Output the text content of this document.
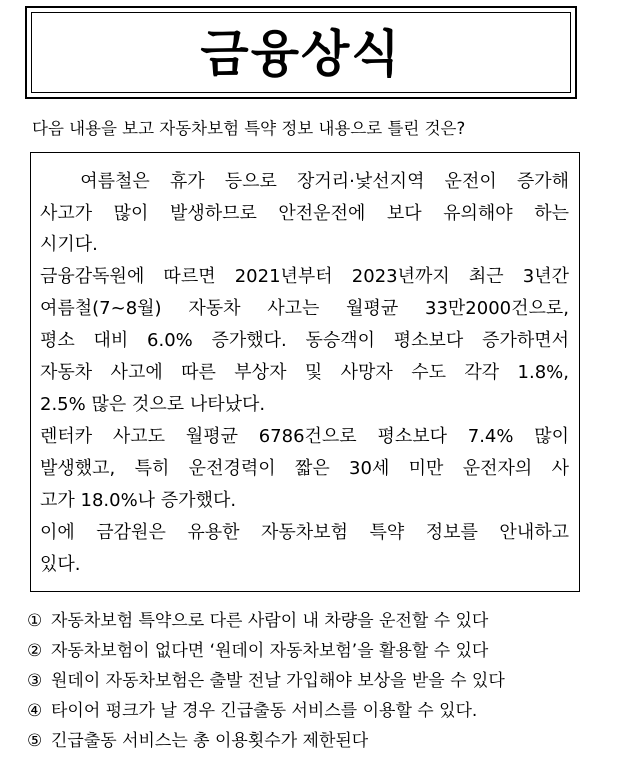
금융상식
다음 내용을 보고 자동차보험 특약 정보 내용으로 틀린 것은?
여름철은 휴가 등으로 장거리·낯선지역 운전이 증가해
사고가 많이 발생하므로 안전운전에 보다 유의해야 하는
시기다.
금융감독원에 따르면 2021년부터 2023년까지 최근 3년간
여름철(7~8월) 자동차 사고는 월평균 33만2000건으로,
평소 대비 6.0% 증가했다. 동승객이 평소보다 증가하면서
자동차 사고에 따른 부상자 및 사망자 수도 각각 1.8%,
2.5% 많은 것으로 나타났다.
렌터카 사고도 월평균 6786건으로 평소보다 7.4% 많이
발생했고, 특히 운전경력이 짧은 30세 미만 운전자의 사
고가 18.0%나 증가했다.
이에 금감원은 유용한 자동차보험 특약 정보를 안내하고
있다.
① 자동차보험 특약으로 다른 사람이 내 차량을 운전할 수 있다
② 자동차보험이 없다면 ‘원데이 자동차보험’을 활용할 수 있다
③ 원데이 자동차보험은 출발 전날 가입해야 보상을 받을 수 있다
④ 타이어 펑크가 날 경우 긴급출동 서비스를 이용할 수 있다.
⑤ 긴급출동 서비스는 총 이용횟수가 제한된다
